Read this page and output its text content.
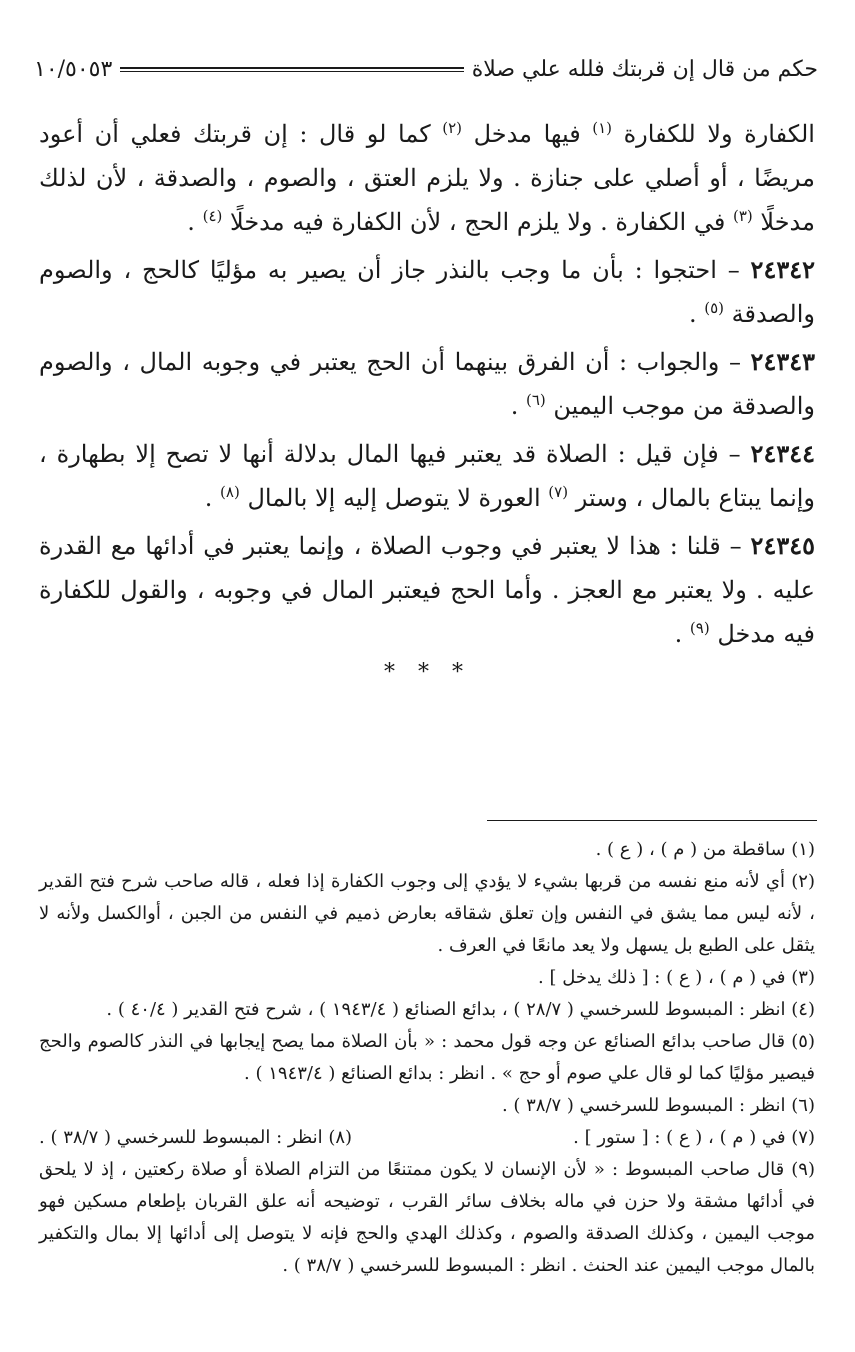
حكم من قال إن قربتك فلله علي صلاة
١٠/٥٠٥٣

الكفارة ولا للكفارة $^{(١)}$ فيها مدخل $^{(٢)}$ كما لو قال : إن قربتك فعلي أن أعود مريضًا ، أو أصلي على جنازة . ولا يلزم العتق ، والصوم ، والصدقة ، لأن لذلك مدخلًا $^{(٣)}$ في الكفارة . ولا يلزم الحج ، لأن الكفارة فيه مدخلًا $^{(٤)}$ .

٢٤٣٤٢ – احتجوا : بأن ما وجب بالنذر جاز أن يصير به مؤليًا كالحج ، والصوم والصدقة $^{(٥)}$ .

٢٤٣٤٣ – والجواب : أن الفرق بينهما أن الحج يعتبر في وجوبه المال ، والصوم والصدقة من موجب اليمين $^{(٦)}$ .

٢٤٣٤٤ – فإن قيل : الصلاة قد يعتبر فيها المال بدلالة أنها لا تصح إلا بطهارة ، وإنما يبتاع بالمال ، وستر $^{(٧)}$ العورة لا يتوصل إليه إلا بالمال $^{(٨)}$ .

٢٤٣٤٥ – قلنا : هذا لا يعتبر في وجوب الصلاة ، وإنما يعتبر في أدائها مع القدرة عليه . ولا يعتبر مع العجز . وأما الحج فيعتبر المال في وجوبه ، والقول للكفارة فيه مدخل $^{(٩)}$ .

* * *

(١) ساقطة من ( م ) ، ( ع ) .

(٢) أي لأنه منع نفسه من قربها بشيء لا يؤدي إلى وجوب الكفارة إذا فعله ، قاله صاحب شرح فتح القدير ، لأنه ليس مما يشق في النفس وإن تعلق شقاقه بعارض ذميم في النفس من الجبن ، أوالكسل ولأنه لا يثقل على الطبع بل يسهل ولا يعد مانعًا في العرف .

(٣) في ( م ) ، ( ع ) : [ ذلك يدخل ] .

(٤) انظر : المبسوط للسرخسي ( ٢٨/٧ ) ، بدائع الصنائع ( ١٩٤٣/٤ ) ، شرح فتح القدير ( ٤٠/٤ ) .

(٥) قال صاحب بدائع الصنائع عن وجه قول محمد : « بأن الصلاة مما يصح إيجابها في النذر كالصوم والحج فيصير مؤليًا كما لو قال علي صوم أو حج » . انظر : بدائع الصنائع ( ١٩٤٣/٤ ) .

(٦) انظر : المبسوط للسرخسي ( ٣٨/٧ ) .

(٧) في ( م ) ، ( ع ) : [ ستور ] .

(٨) انظر : المبسوط للسرخسي ( ٣٨/٧ ) .

(٩) قال صاحب المبسوط : « لأن الإنسان لا يكون ممتنعًا من التزام الصلاة أو صلاة ركعتين ، إذ لا يلحق في أدائها مشقة ولا حزن في ماله بخلاف سائر القرب ، توضيحه أنه علق القربان بإطعام مسكين فهو موجب اليمين ، وكذلك الصدقة والصوم ، وكذلك الهدي والحج فإنه لا يتوصل إلى أدائها إلا بمال والتكفير بالمال موجب اليمين عند الحنث . انظر : المبسوط للسرخسي ( ٣٨/٧ ) .
